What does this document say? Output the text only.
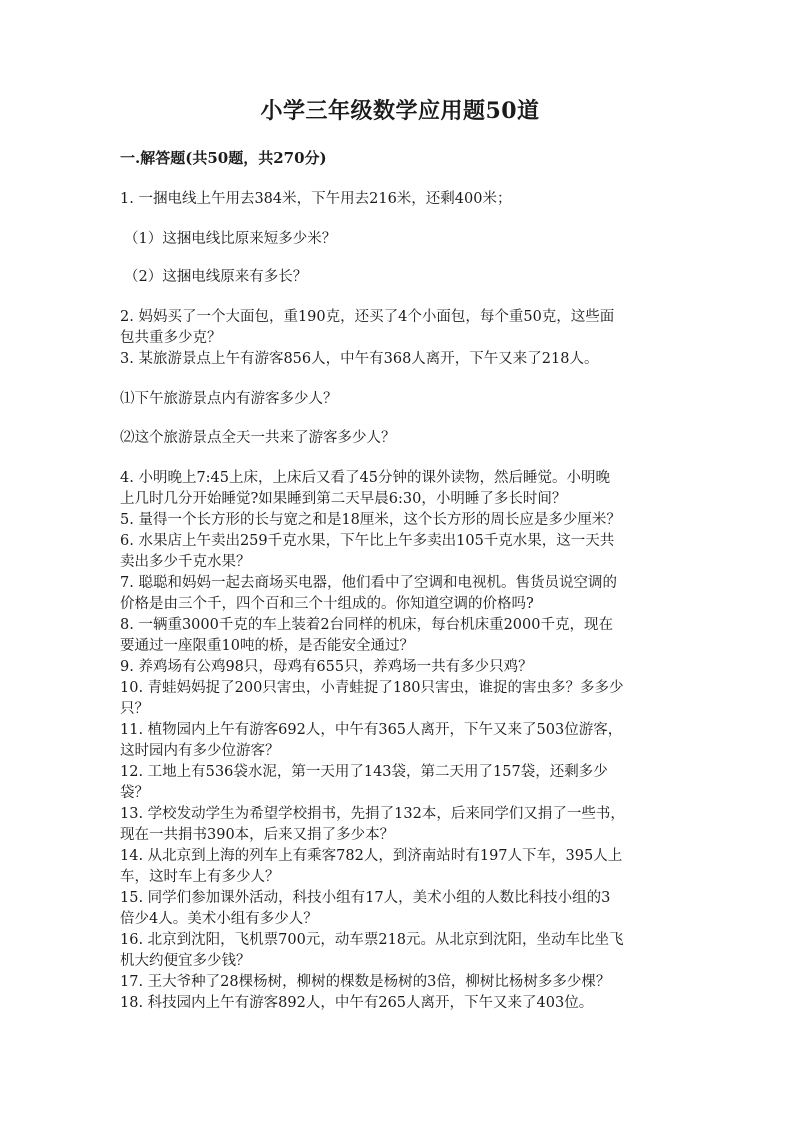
小学三年级数学应用题50道
一.解答题(共50题，共270分)
1. 一捆电线上午用去384米，下午用去216米，还剩400米；
（1）这捆电线比原来短多少米？
（2）这捆电线原来有多长？
2. 妈妈买了一个大面包，重190克，还买了4个小面包，每个重50克，这些面
包共重多少克？
3. 某旅游景点上午有游客856人，中午有368人离开，下午又来了218人。
⑴下午旅游景点内有游客多少人？
⑵这个旅游景点全天一共来了游客多少人？
4. 小明晚上7:45上床，上床后又看了45分钟的课外读物，然后睡觉。小明晚
上几时几分开始睡觉?如果睡到第二天早晨6:30，小明睡了多长时间？
5. 量得一个长方形的长与宽之和是18厘米，这个长方形的周长应是多少厘米？
6. 水果店上午卖出259千克水果，下午比上午多卖出105千克水果，这一天共
卖出多少千克水果？
7. 聪聪和妈妈一起去商场买电器，他们看中了空调和电视机。售货员说空调的
价格是由三个千，四个百和三个十组成的。你知道空调的价格吗?
8. 一辆重3000千克的车上装着2台同样的机床，每台机床重2000千克，现在
要通过一座限重10吨的桥，是否能安全通过？
9. 养鸡场有公鸡98只，母鸡有655只，养鸡场一共有多少只鸡？
10. 青蛙妈妈捉了200只害虫，小青蛙捉了180只害虫，谁捉的害虫多？多多少
只？
11. 植物园内上午有游客692人，中午有365人离开，下午又来了503位游客，
这时园内有多少位游客？
12. 工地上有536袋水泥，第一天用了143袋，第二天用了157袋，还剩多少
袋？
13. 学校发动学生为希望学校捐书，先捐了132本，后来同学们又捐了一些书，
现在一共捐书390本，后来又捐了多少本？
14. 从北京到上海的列车上有乘客782人，到济南站时有197人下车，395人上
车，这时车上有多少人？
15. 同学们参加课外活动，科技小组有17人，美术小组的人数比科技小组的3
倍少4人。美术小组有多少人？
16. 北京到沈阳，飞机票700元，动车票218元。从北京到沈阳，坐动车比坐飞
机大约便宜多少钱？
17. 王大爷种了28棵杨树，柳树的棵数是杨树的3倍，柳树比杨树多多少棵？
18. 科技园内上午有游客892人，中午有265人离开，下午又来了403位。
